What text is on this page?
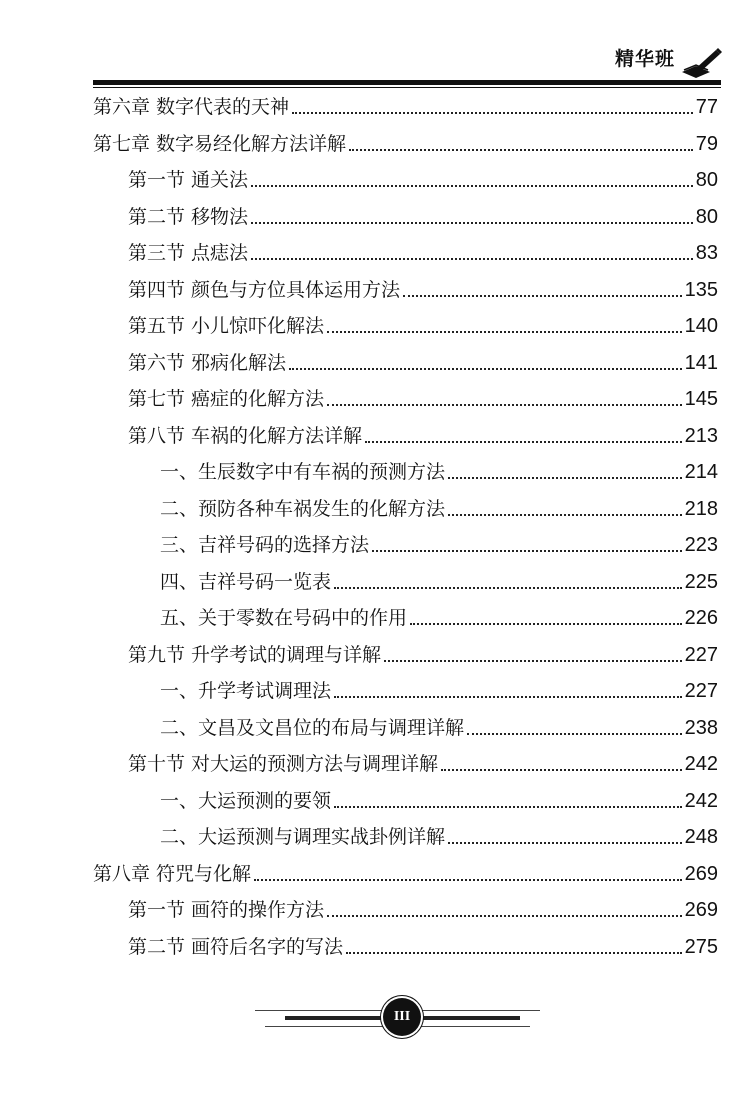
精华班
第六章 数字代表的天神	77
第七章 数字易经化解方法详解	79
第一节 通关法	80
第二节 移物法	80
第三节 点痣法	83
第四节 颜色与方位具体运用方法	135
第五节 小儿惊吓化解法	140
第六节 邪病化解法	141
第七节 癌症的化解方法	145
第八节 车祸的化解方法详解	213
一、生辰数字中有车祸的预测方法	214
二、预防各种车祸发生的化解方法	218
三、吉祥号码的选择方法	223
四、吉祥号码一览表	225
五、关于零数在号码中的作用	226
第九节 升学考试的调理与详解	227
一、升学考试调理法	227
二、文昌及文昌位的布局与调理详解	238
第十节 对大运的预测方法与调理详解	242
一、大运预测的要领	242
二、大运预测与调理实战卦例详解	248
第八章 符咒与化解	269
第一节 画符的操作方法	269
第二节 画符后名字的写法	275
III
